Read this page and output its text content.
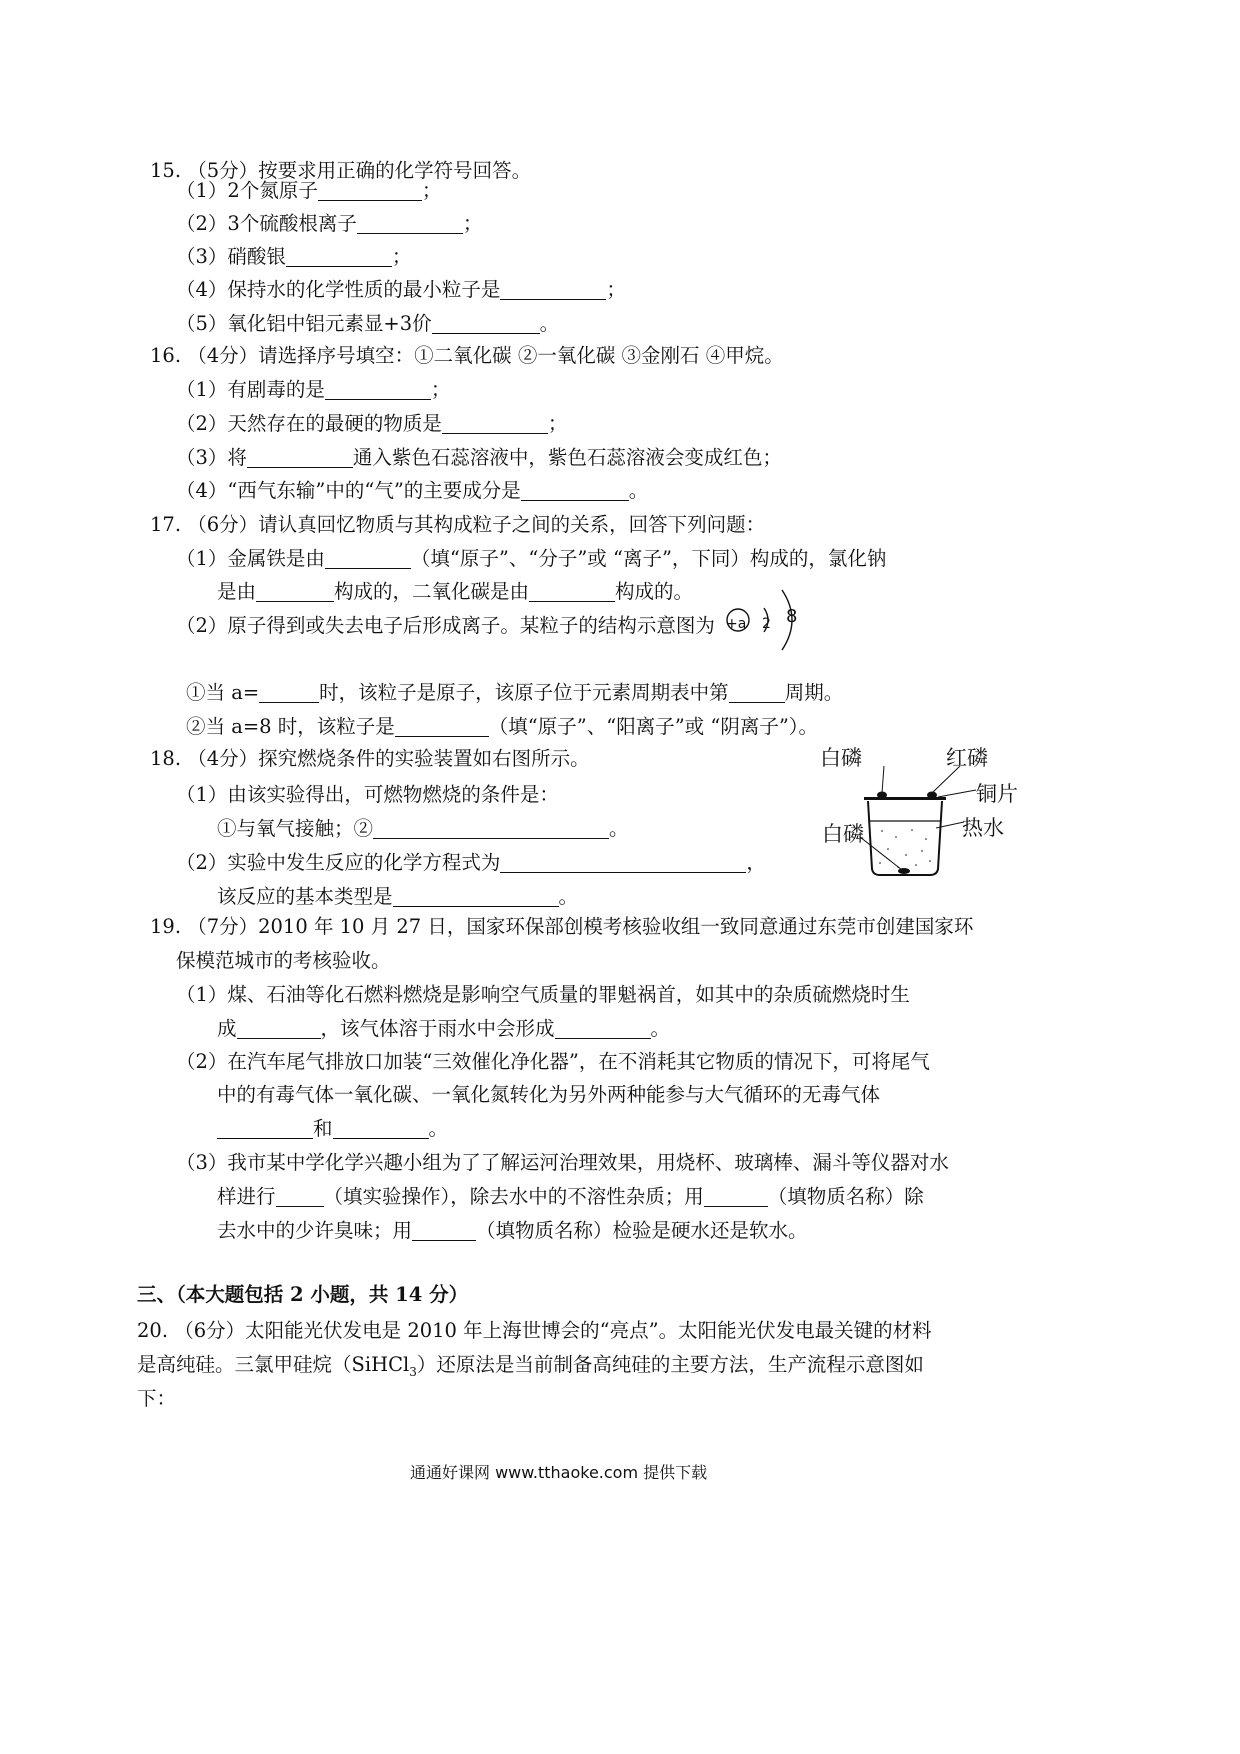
15. （5分）按要求用正确的化学符号回答。
（1）2个氮原子	；
（2）3个硫酸根离子	；
（3）硝酸银	；
（4）保持水的化学性质的最小粒子是	；
（5）氧化铝中铝元素显+3价	。
16. （4分）请选择序号填空：①二氧化碳 ②一氧化碳 ③金刚石 ④甲烷。
（1）有剧毒的是	；
（2）天然存在的最硬的物质是	；
（3）将	通入紫色石蕊溶液中，紫色石蕊溶液会变成红色；
（4）“西气东输”中的“气”的主要成分是	。
17. （6分）请认真回忆物质与其构成粒子之间的关系，回答下列问题：
（1）金属铁是由	（填“原子”、“分子”或 “离子”，下同）构成的，氯化钠
是由	构成的，二氧化碳是由	构成的。
（2）原子得到或失去电子后形成离子。某粒子的结构示意图为 +a 2 8
①当 a=	时，该粒子是原子，该原子位于元素周期表中第	周期。
②当 a=8 时，该粒子是	（填“原子”、“阳离子”或 “阴离子”）。
18. （4分）探究燃烧条件的实验装置如右图所示。
（1）由该实验得出，可燃物燃烧的条件是：
①与氧气接触；②	。
（2）实验中发生反应的化学方程式为	，
该反应的基本类型是	。
白磷	红磷
铜片
白磷	热水
19. （7分）2010 年 10 月 27 日，国家环保部创模考核验收组一致同意通过东莞市创建国家环
保模范城市的考核验收。
（1）煤、石油等化石燃料燃烧是影响空气质量的罪魁祸首，如其中的杂质硫燃烧时生
成	，该气体溶于雨水中会形成	。
（2）在汽车尾气排放口加装“三效催化净化器”，在不消耗其它物质的情况下，可将尾气
中的有毒气体一氧化碳、一氧化氮转化为另外两种能参与大气循环的无毒气体
和	。
（3）我市某中学化学兴趣小组为了了解运河治理效果，用烧杯、玻璃棒、漏斗等仪器对水
样进行 （填实验操作），除去水中的不溶性杂质；用	（填物质名称）除
去水中的少许臭味；用	（填物质名称）检验是硬水还是软水。
三、（本大题包括 2 小题，共 14 分）
20. （6分）太阳能光伏发电是 2010 年上海世博会的“亮点”。太阳能光伏发电最关键的材料
是高纯硅。三氯甲硅烷（SiHCl$_3$）还原法是当前制备高纯硅的主要方法，生产流程示意图如
下：
通通好课网 www.tthaoke.com 提供下载
